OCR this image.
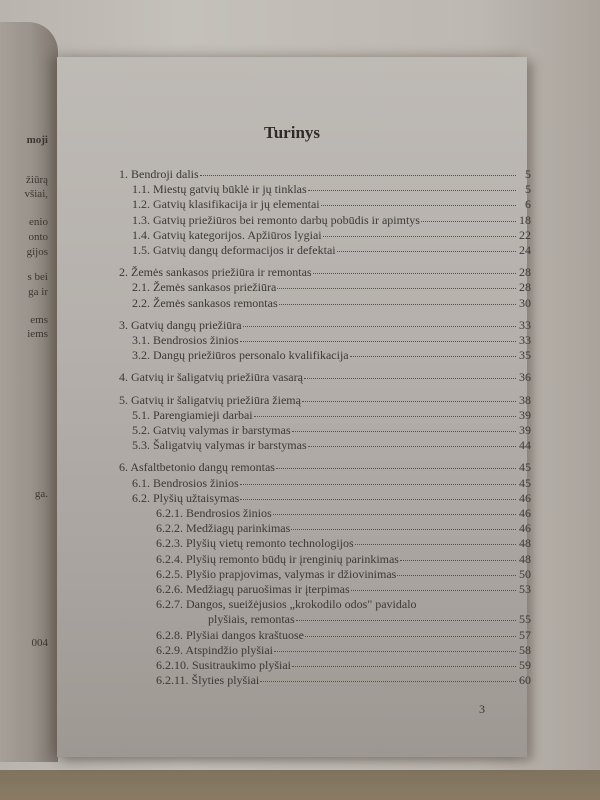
moji
žiūrą
všiai,
enio
onto
gijos
s bei
ga ir
ems
iems
ga.
004
Turinys
1. Bendroji dalis	5
1.1. Miestų gatvių būklė ir jų tinklas	5
1.2. Gatvių klasifikacija ir jų elementai	6
1.3. Gatvių priežiūros bei remonto darbų pobūdis ir apimtys	18
1.4. Gatvių kategorijos. Apžiūros lygiai	22
1.5. Gatvių dangų deformacijos ir defektai	24
2. Žemės sankasos priežiūra ir remontas	28
2.1. Žemės sankasos priežiūra	28
2.2. Žemės sankasos remontas	30
3. Gatvių dangų priežiūra	33
3.1. Bendrosios žinios	33
3.2. Dangų priežiūros personalo kvalifikacija	35
4. Gatvių ir šaligatvių priežiūra vasarą	36
5. Gatvių ir šaligatvių priežiūra žiemą	38
5.1. Parengiamieji darbai	39
5.2. Gatvių valymas ir barstymas	39
5.3. Šaligatvių valymas ir barstymas	44
6. Asfaltbetonio dangų remontas	45
6.1. Bendrosios žinios	45
6.2. Plyšių užtaisymas	46
6.2.1. Bendrosios žinios	46
6.2.2. Medžiagų parinkimas	46
6.2.3. Plyšių vietų remonto technologijos	48
6.2.4. Plyšių remonto būdų ir įrenginių parinkimas	48
6.2.5. Plyšio prapjovimas, valymas ir džiovinimas	50
6.2.6. Medžiagų paruošimas ir įterpimas	53
6.2.7. Dangos, sueižėjusios „krokodilo odos" pavidalo
plyšiais, remontas	55
6.2.8. Plyšiai dangos kraštuose	57
6.2.9. Atspindžio plyšiai	58
6.2.10. Susitraukimo plyšiai	59
6.2.11. Šlyties plyšiai	60
3
